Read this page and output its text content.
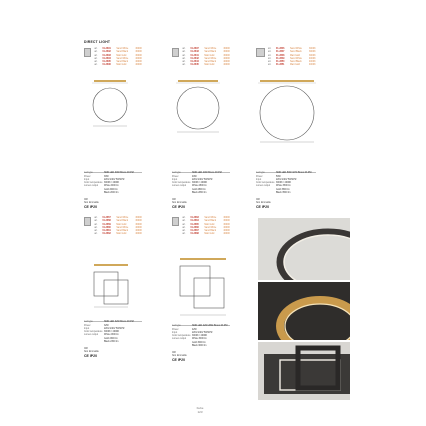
DIRECT LIGHT
art.	01-2831	Sand White	3000K
art.	01-2832	Sand Black	3000K
art.	01-2833	Matt Gold	3000K
art.	01-2834	Sand White	4000K
art.	01-2835	Sand Black	4000K
art.	01-2836	Matt Gold	4000K
Led type	SMD LED 30W Bruno 03 PM
Power	30W
Input	220V-240V 50/60Hz
Color temperature 3000K / 4000K
Lumen output	White 2000 lm
Gold 2000 lm
Black 2000 lm
CRI
Non dimmable
CE IP20
art.	01-2837	Sand White	3000K
art.	01-2843	Sand Black	3000K
art.	01-2841	Matt Gold	3000K
art.	01-2842	Sand White	4000K
art.	01-2844	Sand Black	4000K
art.	01-2845	Matt Gold	4000K
Led type	SMD LED 40W Bruno 03 PM
Power	40W
Input	220V-240V 50/60Hz
Color temperature 3000K / 4000K
Lumen output	White 2800 lm
Gold 2800 lm
Black 2800 lm
CRI
Non dimmable
CE IP20
art.	01-2846	Sand White	3000K
art.	01-2847	Sand Black	3000K
art.	01-2848	Matt Gold	3000K
art.	01-2849	Sand White	4000K
art.	01-2850	Sand Black	4000K
art.	01-2851	Matt Gold	4000K
Led type	SMD LED 50W 3270 Bruno 03 PM
Power	50W
Input	220V-240V 50/60Hz
Color temperature 3000K / 4000K
Lumen output	White 3500 lm
Gold 3500 lm
Black 3500 lm
CRI
Non dimmable
CE IP20
art.	01-2857	Sand White	3000K
art.	01-2858	Sand Black	3000K
art.	01-2859	Matt Gold	3000K
art.	01-2860	Sand White	4000K
art.	01-2861	Sand Black	4000K
art.	01-2862	Matt Gold	4000K
Led type	SMD LED 32W Bruno 03 PM
Power	32W
Input	220V-240V 50/60Hz
Color temperature 3000K / 4000K
Lumen output	White 2300 lm
Gold 2300 lm
Black 2300 lm
CRI
Non dimmable
CE IP20
art.	01-2863	Sand White	3000K
art.	01-2864	Sand Black	3000K
art.	01-2865	Matt Gold	3000K
art.	01-2866	Sand White	4000K
art.	01-2867	Sand Black	4000K
art.	01-2868	Matt Gold	4000K
Led type	SMD LED 42W 2802 Bruno 03 PM
Power	42W
Input	220V-240V 50/60Hz
Color temperature 3000K / 4000K
Lumen output	White 3000 lm
Gold 3000 lm
Black 3000 lm
CRI
Non dimmable
CE IP20
Febe
123
